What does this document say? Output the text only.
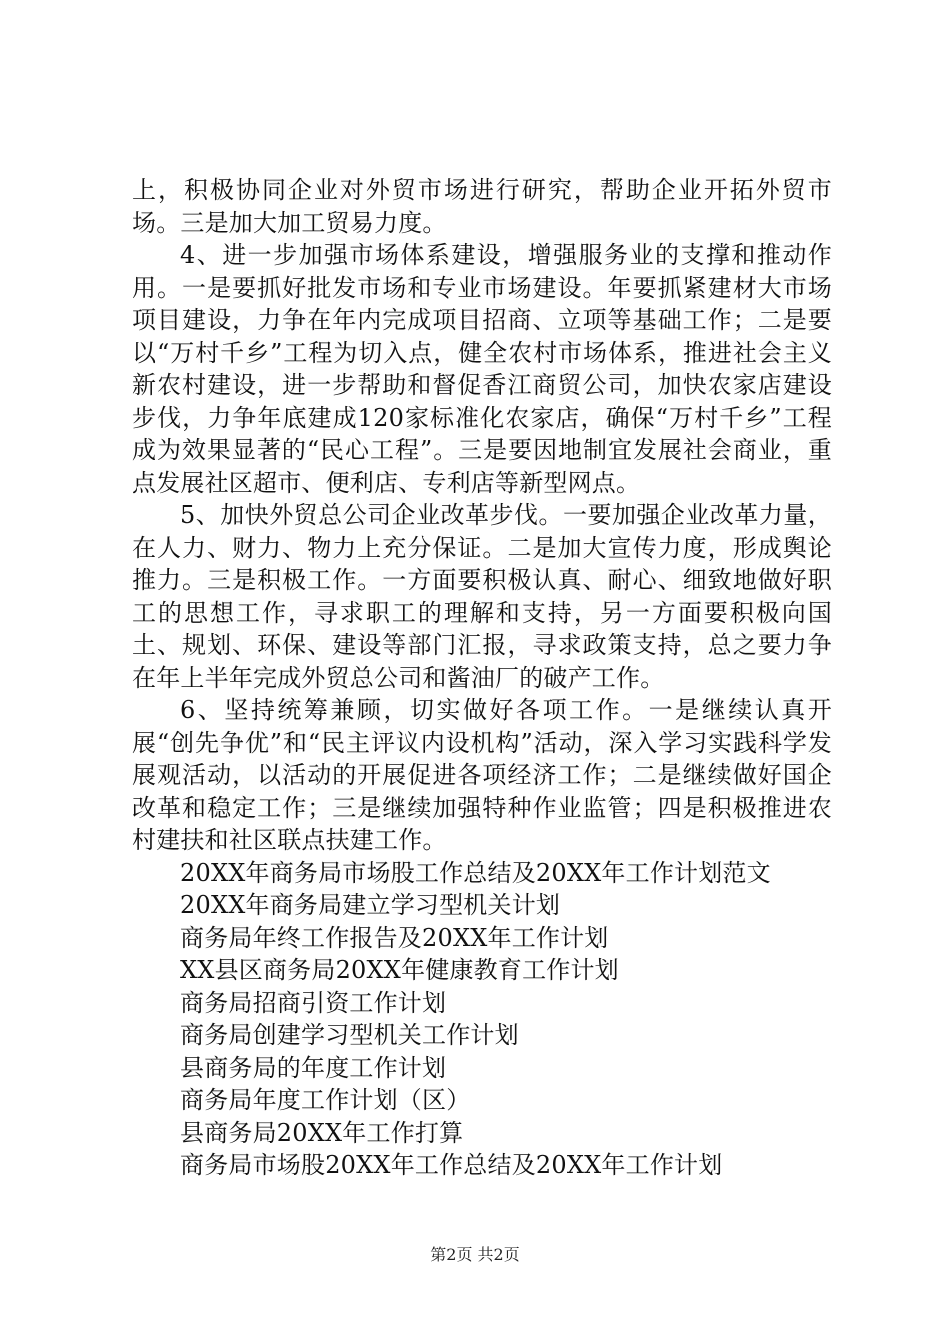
上，积极协同企业对外贸市场进行研究，帮助企业开拓外贸市场。三是加大加工贸易力度。

4、进一步加强市场体系建设，增强服务业的支撑和推动作用。一是要抓好批发市场和专业市场建设。年要抓紧建材大市场项目建设，力争在年内完成项目招商、立项等基础工作；二是要以“万村千乡”工程为切入点，健全农村市场体系，推进社会主义新农村建设，进一步帮助和督促香江商贸公司，加快农家店建设步伐，力争年底建成120家标准化农家店，确保“万村千乡”工程成为效果显著的“民心工程”。三是要因地制宜发展社会商业，重点发展社区超市、便利店、专利店等新型网点。

5、加快外贸总公司企业改革步伐。一要加强企业改革力量，在人力、财力、物力上充分保证。二是加大宣传力度，形成舆论推力。三是积极工作。一方面要积极认真、耐心、细致地做好职工的思想工作，寻求职工的理解和支持，另一方面要积极向国土、规划、环保、建设等部门汇报，寻求政策支持，总之要力争在年上半年完成外贸总公司和酱油厂的破产工作。

6、坚持统筹兼顾，切实做好各项工作。一是继续认真开展“创先争优”和“民主评议内设机构”活动，深入学习实践科学发展观活动，以活动的开展促进各项经济工作；二是继续做好国企改革和稳定工作；三是继续加强特种作业监管；四是积极推进农村建扶和社区联点扶建工作。

20XX年商务局市场股工作总结及20XX年工作计划范文
20XX年商务局建立学习型机关计划
商务局年终工作报告及20XX年工作计划
XX县区商务局20XX年健康教育工作计划
商务局招商引资工作计划
商务局创建学习型机关工作计划
县商务局的年度工作计划
商务局年度工作计划（区）
县商务局20XX年工作打算
商务局市场股20XX年工作总结及20XX年工作计划
第2页 共2页
